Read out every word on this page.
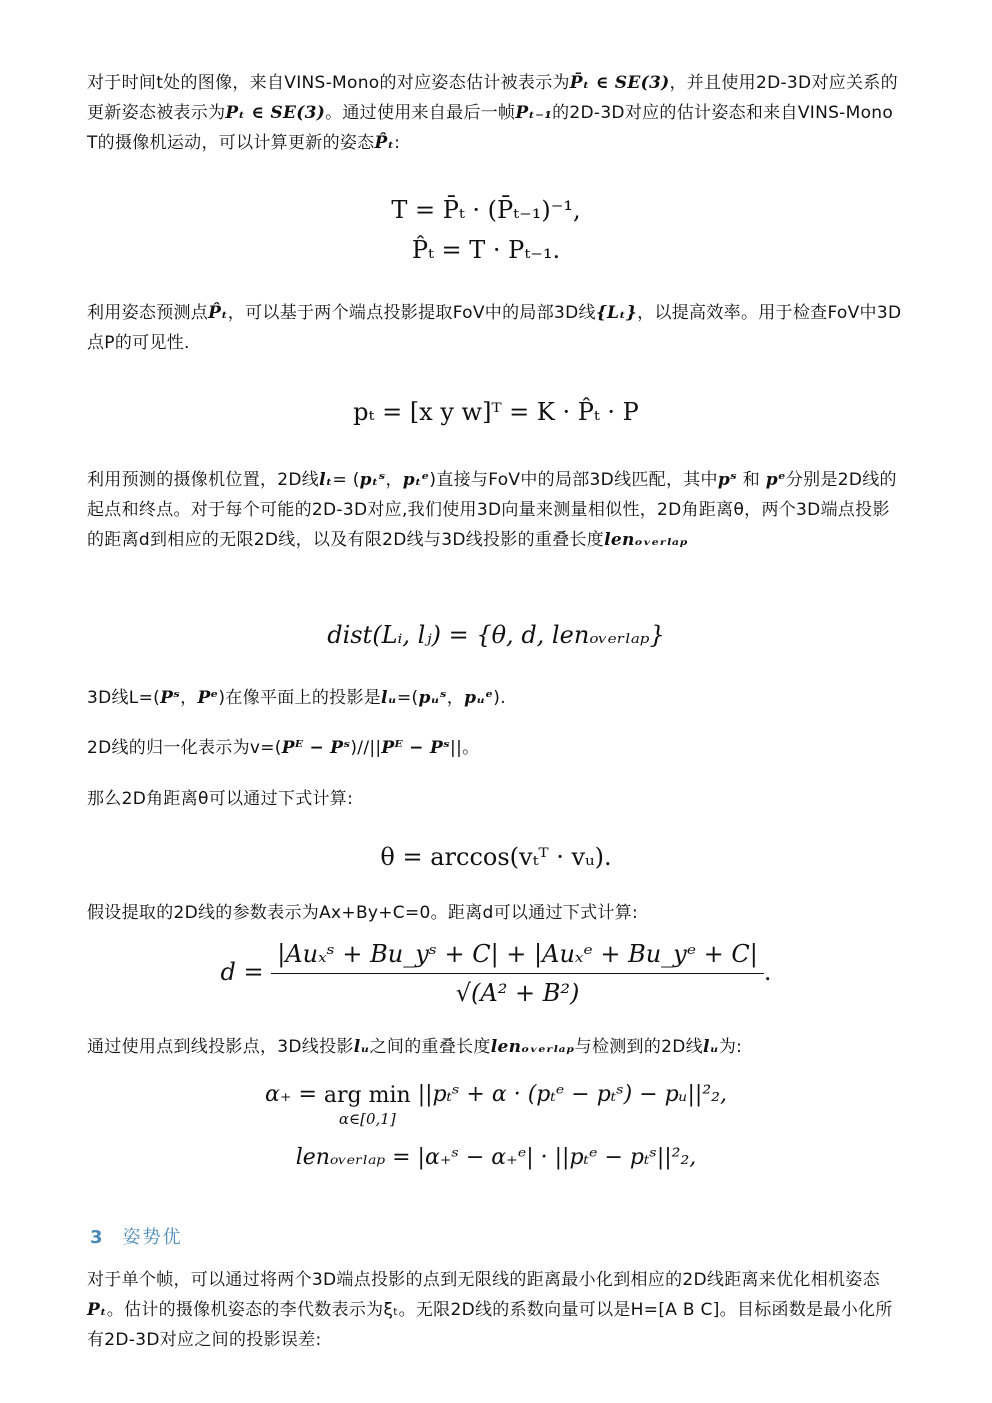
对于时间t处的图像，来自VINS-Mono的对应姿态估计被表示为P̄ₜ ∈ SE(3)，并且使用2D-3D对应关系的更新姿态被表示为Pₜ ∈ SE(3)。通过使用来自最后一帧Pₜ₋₁的2D-3D对应的估计姿态和来自VINS-Mono T的摄像机运动，可以计算更新的姿态P̂ₜ:
T = P̄ₜ · (P̄ₜ₋₁)⁻¹,
P̂ₜ = T · Pₜ₋₁.
利用姿态预测点P̂ₜ，可以基于两个端点投影提取FoV中的局部3D线{Lₜ}，以提高效率。用于检查FoV中3D点P的可见性.
pₜ = [x y w]ᵀ = K · P̂ₜ · P
利用预测的摄像机位置，2D线lₜ= (pₜˢ，pₜᵉ)直接与FoV中的局部3D线匹配，其中pˢ 和 pᵉ分别是2D线的起点和终点。对于每个可能的2D-3D对应,我们使用3D向量来测量相似性，2D角距离θ，两个3D端点投影的距离d到相应的无限2D线，以及有限2D线与3D线投影的重叠长度lenₒᵥₑᵣₗₐₚ
dist(Lᵢ, lⱼ) = {θ, d, lenₒᵥₑᵣₗₐₚ}
3D线L=(Pˢ，Pᵉ)在像平面上的投影是lᵤ=(pᵤˢ，pᵤᵉ).
2D线的归一化表示为v=(Pᴱ − Pˢ)//||Pᴱ − Pˢ||。
那么2D角距离θ可以通过下式计算:
θ = arccos(vₜᵀ · vᵤ).
假设提取的2D线的参数表示为Ax+By+C=0。距离d可以通过下式计算:
$d = \frac{\text{|Auₓˢ + Bu\_yˢ + C| + |Auₓᵉ + Bu\_yᵉ + C|}}{\text{√(A² + B²)}}$ .
通过使用点到线投影点，3D线投影lᵤ之间的重叠长度lenₒᵥₑᵣₗₐₚ与检测到的2D线lᵤ为:
α₊ = arg min
α∈[0,1]
||pₜˢ + α · (pₜᵉ − pₜˢ) − pᵤ||²₂,
lenₒᵥₑᵣₗₐₚ = |α₊ˢ − α₊ᵉ| · ||pₜᵉ − pₜˢ||²₂,
3 姿势优
对于单个帧，可以通过将两个3D端点投影的点到无限线的距离最小化到相应的2D线距离来优化相机姿态Pₜ。估计的摄像机姿态的李代数表示为ξₜ。无限2D线的系数向量可以是H=[A B C]。目标函数是最小化所有2D-3D对应之间的投影误差:
